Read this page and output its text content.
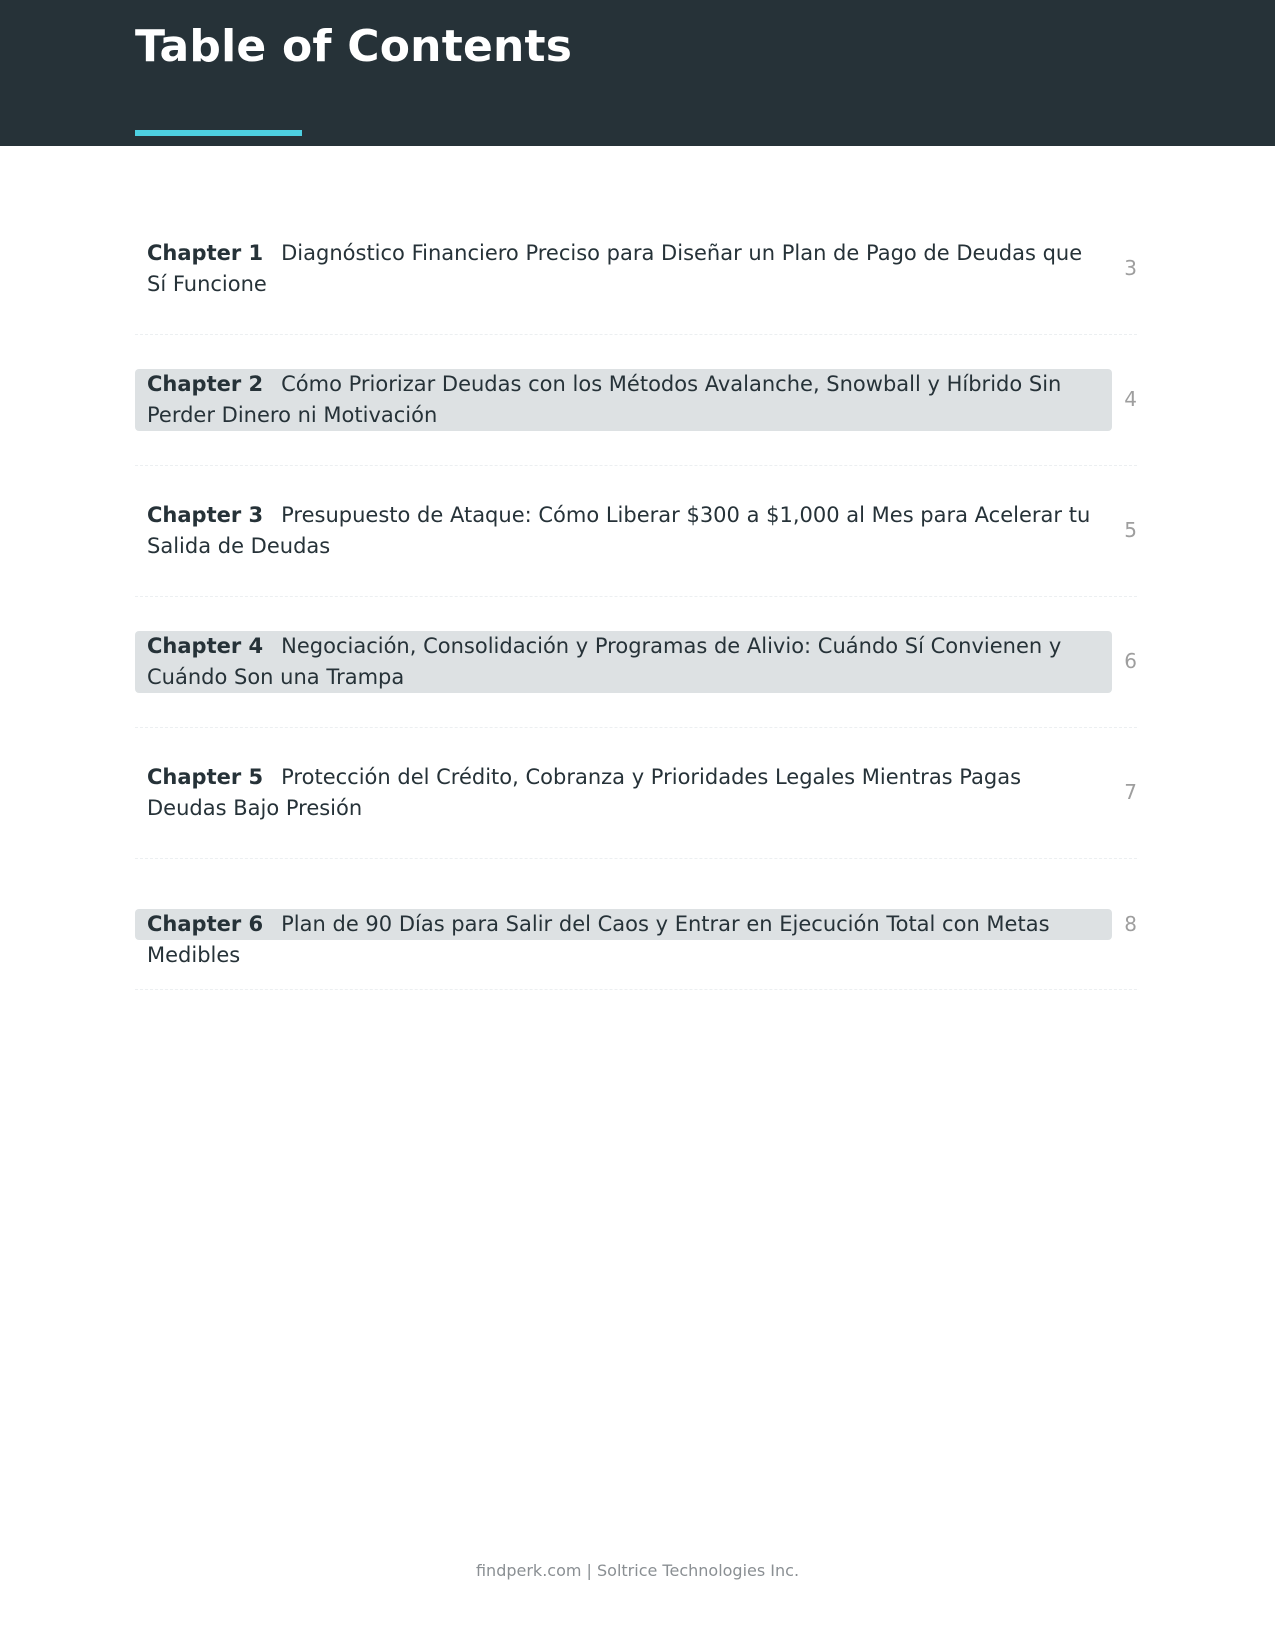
Table of Contents
Chapter 1 Diagnóstico Financiero Preciso para Diseñar un Plan de Pago de Deudas que Sí Funcione
3
Chapter 2 Cómo Priorizar Deudas con los Métodos Avalanche, Snowball y Híbrido Sin Perder Dinero ni Motivación
4
Chapter 3 Presupuesto de Ataque: Cómo Liberar $300 a $1,000 al Mes para Acelerar tu Salida de Deudas
5
Chapter 4 Negociación, Consolidación y Programas de Alivio: Cuándo Sí Convienen y Cuándo Son una Trampa
6
Chapter 5 Protección del Crédito, Cobranza y Prioridades Legales Mientras Pagas Deudas Bajo Presión
7
Chapter 6 Plan de 90 Días para Salir del Caos y Entrar en Ejecución Total con Metas Medibles
8
findperk.com | Soltrice Technologies Inc.
